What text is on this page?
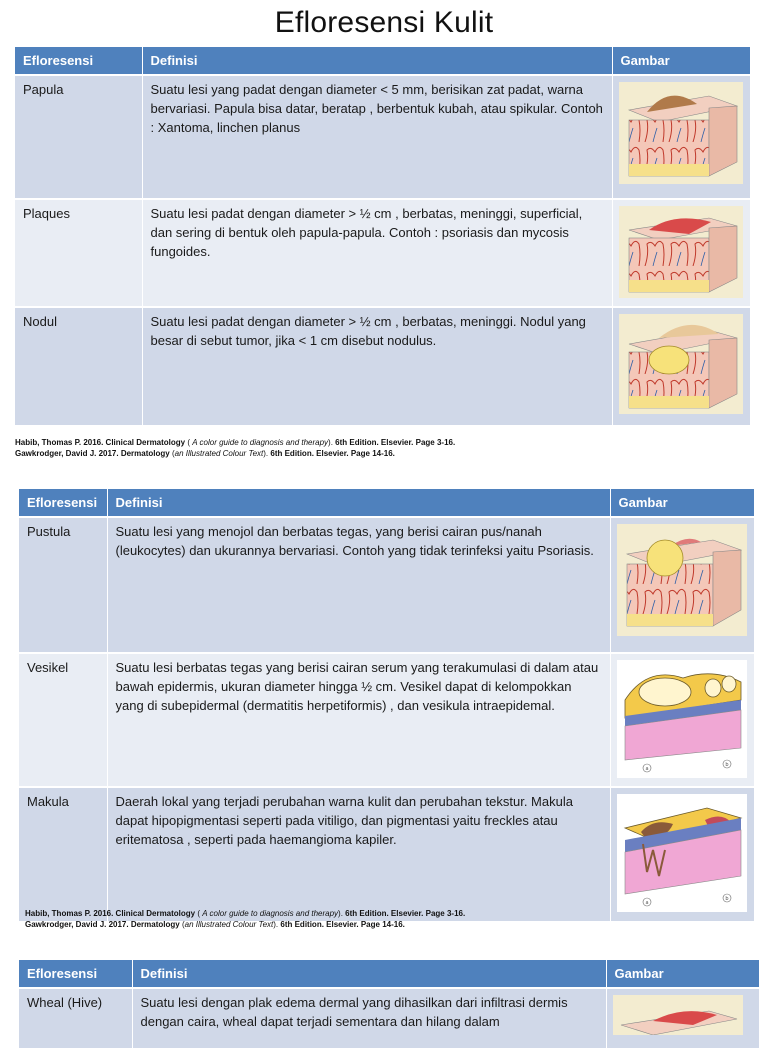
Efloresensi Kulit
Efloresensi	Definisi	Gambar
Papula	Suatu lesi yang padat dengan diameter < 5 mm, berisikan zat padat, warna bervariasi. Papula bisa datar, beratap , berbentuk kubah, atau spikular. Contoh : Xantoma, linchen planus	

Plaques	Suatu lesi padat dengan diameter > ½ cm , berbatas, meninggi, superficial, dan sering di bentuk oleh papula-papula. Contoh : psoriasis dan mycosis fungoides.	

Nodul	Suatu lesi padat dengan diameter > ½ cm , berbatas, meninggi. Nodul yang besar di sebut tumor, jika < 1 cm disebut nodulus.	
Habib, Thomas P. 2016. Clinical Dermatology ( A color guide to diagnosis and therapy). 6th Edition. Elsevier. Page 3-16.
Gawkrodger, David J. 2017. Dermatology (an Illustrated Colour Text). 6th Edition. Elsevier. Page 14-16.
Efloresensi	Definisi	Gambar
Pustula	Suatu lesi yang menojol dan berbatas tegas, yang berisi cairan pus/nanah (leukocytes) dan ukurannya bervariasi. Contoh yang tidak terinfeksi yaitu Psoriasis.	

Vesikel	Suatu lesi berbatas tegas yang berisi cairan serum yang terakumulasi di dalam atau bawah epidermis, ukuran diameter hingga ½ cm. Vesikel dapat di kelompokkan yang di subepidermal (dermatitis herpetiformis) , dan vesikula intraepidemal.	a
b

Makula	Daerah lokal yang terjadi perubahan warna kulit dan perubahan tekstur. Makula dapat hipopigmentasi seperti pada vitiligo, dan pigmentasi yaitu freckles atau eritematosa , seperti pada haemangioma kapiler.	a
b
Habib, Thomas P. 2016. Clinical Dermatology ( A color guide to diagnosis and therapy). 6th Edition. Elsevier. Page 3-16.
Gawkrodger, David J. 2017. Dermatology (an Illustrated Colour Text). 6th Edition. Elsevier. Page 14-16.
Efloresensi	Definisi	Gambar
Wheal (Hive)	Suatu lesi dengan plak edema dermal yang dihasilkan dari infiltrasi dermis dengan caira, wheal dapat terjadi sementara dan hilang dalam	
